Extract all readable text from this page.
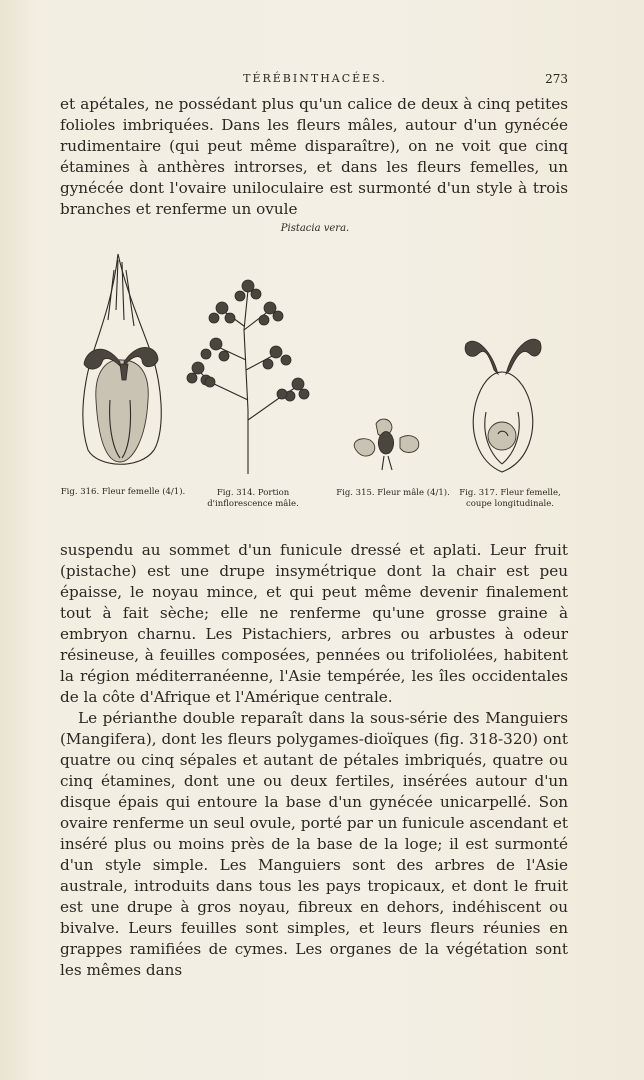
TÉRÉBINTHACÉES.	273

et apétales, ne possédant plus qu'un calice de deux à cinq petites folioles imbriquées. Dans les fleurs mâles, autour d'un gynécée rudimentaire (qui peut même disparaître), on ne voit que cinq étamines à anthères introrses, et dans les fleurs femelles, un gynécée dont l'ovaire uniloculaire est surmonté d'un style à trois branches et renferme un ovule

Pistacia vera.
Fig. 316. Fleur femelle (4/1).	Fig. 314. Portion d'inflorescence mâle.
Fig. 315. Fleur mâle (4/1).	Fig. 317. Fleur femelle, coupe longitudinale.

suspendu au sommet d'un funicule dressé et aplati. Leur fruit (pistache) est une drupe insymétrique dont la chair est peu épaisse, le noyau mince, et qui peut même devenir finalement tout à fait sèche; elle ne renferme qu'une grosse graine à embryon charnu. Les Pistachiers, arbres ou arbustes à odeur résineuse, à feuilles composées, pennées ou trifoliolées, habitent la région méditerranéenne, l'Asie tempérée, les îles occidentales de la côte d'Afrique et l'Amérique centrale.

Le périanthe double reparaît dans la sous-série des Manguiers (Mangifera), dont les fleurs polygames-dioïques (fig. 318-320) ont quatre ou cinq sépales et autant de pétales imbriqués, quatre ou cinq étamines, dont une ou deux fertiles, insérées autour d'un disque épais qui entoure la base d'un gynécée unicarpellé. Son ovaire renferme un seul ovule, porté par un funicule ascendant et inséré plus ou moins près de la base de la loge; il est surmonté d'un style simple. Les Manguiers sont des arbres de l'Asie australe, introduits dans tous les pays tropicaux, et dont le fruit est une drupe à gros noyau, fibreux en dehors, indéhiscent ou bivalve. Leurs feuilles sont simples, et leurs fleurs réunies en grappes ramifiées de cymes. Les organes de la végétation sont les mêmes dans
